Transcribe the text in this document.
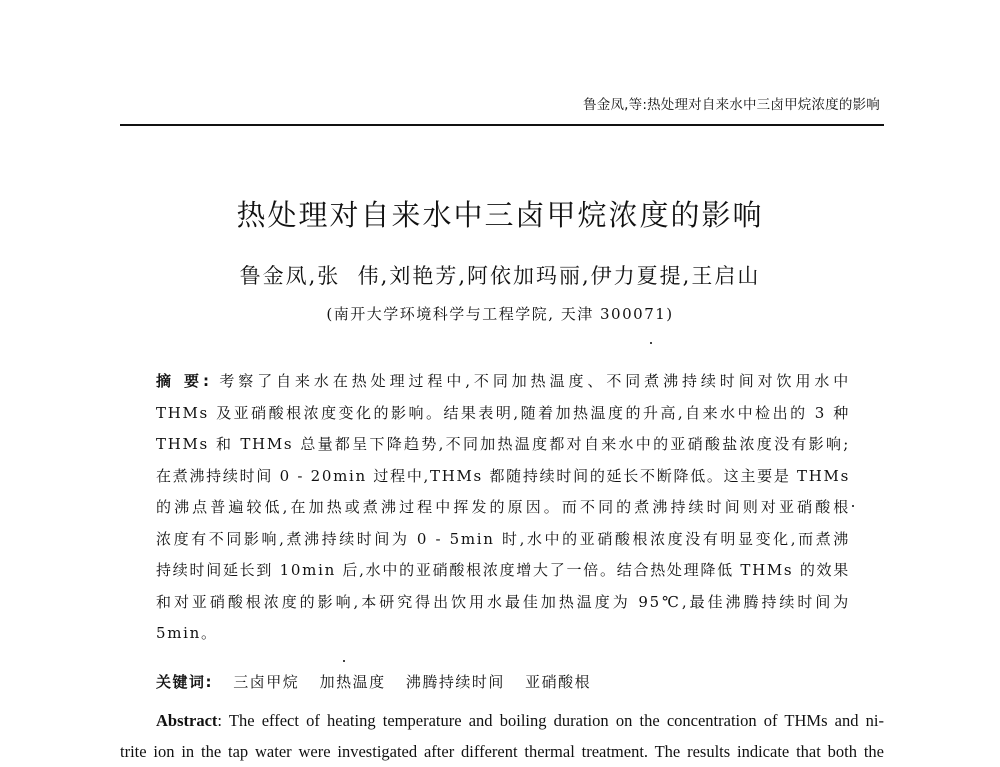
鲁金凤,等:热处理对自来水中三卤甲烷浓度的影响
热处理对自来水中三卤甲烷浓度的影响
鲁金凤,张  伟,刘艳芳,阿依加玛丽,伊力夏提,王启山
(南开大学环境科学与工程学院, 天津 300071)
摘 要: 考察了自来水在热处理过程中,不同加热温度、不同煮沸持续时间对饮用水中
THMs 及亚硝酸根浓度变化的影响。结果表明,随着加热温度的升高,自来水中检出的 3 种
THMs 和 THMs 总量都呈下降趋势,不同加热温度都对自来水中的亚硝酸盐浓度没有影响;
在煮沸持续时间 0 - 20min 过程中,THMs 都随持续时间的延长不断降低。这主要是 THMs
的沸点普遍较低,在加热或煮沸过程中挥发的原因。而不同的煮沸持续时间则对亚硝酸根
浓度有不同影响,煮沸持续时间为 0 - 5min 时,水中的亚硝酸根浓度没有明显变化,而煮沸
持续时间延长到 10min 后,水中的亚硝酸根浓度增大了一倍。结合热处理降低 THMs 的效果
和对亚硝酸根浓度的影响,本研究得出饮用水最佳加热温度为 95℃,最佳沸腾持续时间为
5min。
关键词: 三卤甲烷 加热温度 沸腾持续时间 亚硝酸根
Abstract: The effect of heating temperature and boiling duration on the concentration of THMs and ni-
trite ion in the tap water were investigated after different thermal treatment. The results indicate that both the
